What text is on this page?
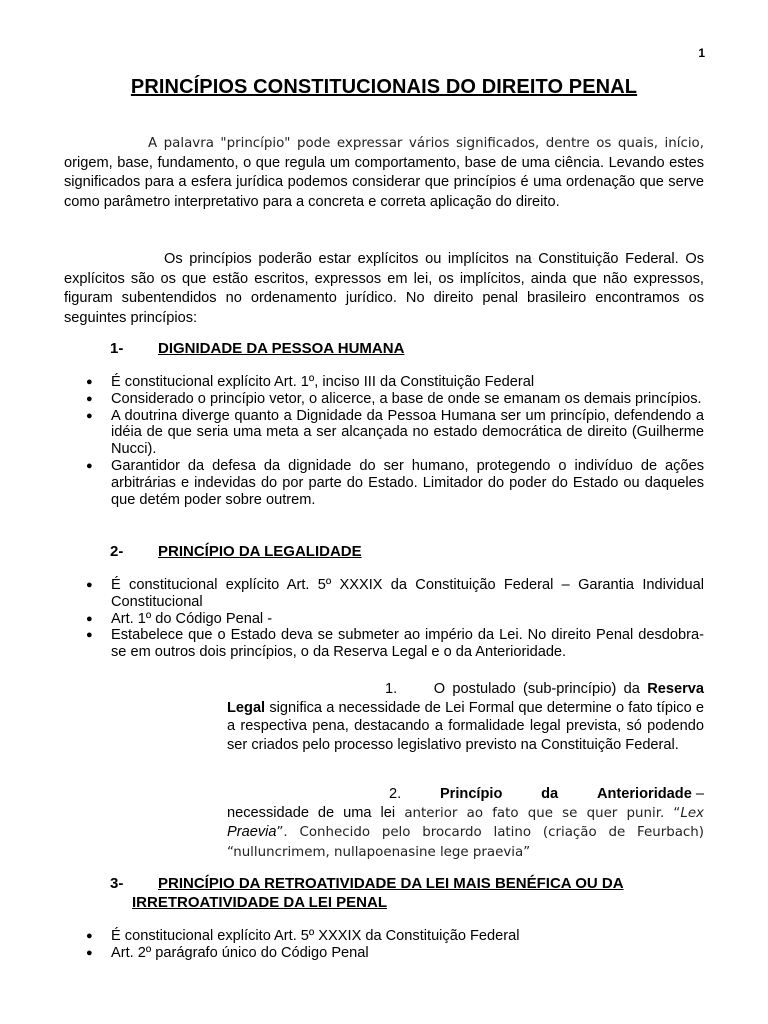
1
PRINCÍPIOS CONSTITUCIONAIS DO DIREITO PENAL
A palavra "princípio" pode expressar vários significados, dentre os quais, início, origem, base, fundamento, o que regula um comportamento, base de uma ciência. Levando estes significados para a esfera jurídica podemos considerar que princípios é uma ordenação que serve como parâmetro interpretativo para a concreta e correta aplicação do direito.
Os princípios poderão estar explícitos ou implícitos na Constituição Federal. Os explícitos são os que estão escritos, expressos em lei, os implícitos, ainda que não expressos, figuram subentendidos no ordenamento jurídico. No direito penal brasileiro encontramos os seguintes princípios:
1- DIGNIDADE DA PESSOA HUMANA
● É constitucional explícito Art. 1º, inciso III da Constituição Federal
● Considerado o princípio vetor, o alicerce, a base de onde se emanam os demais princípios.
● A doutrina diverge quanto a Dignidade da Pessoa Humana ser um princípio, defendendo a idéia de que seria uma meta a ser alcançada no estado democrática de direito (Guilherme Nucci).
● Garantidor da defesa da dignidade do ser humano, protegendo o indivíduo de ações arbitrárias e indevidas do por parte do Estado. Limitador do poder do Estado ou daqueles que detém poder sobre outrem.
2- PRINCÍPIO DA LEGALIDADE
● É constitucional explícito Art. 5º XXXIX da Constituição Federal – Garantia Individual Constitucional
● Art. 1º do Código Penal -
● Estabelece que o Estado deva se submeter ao império da Lei. No direito Penal desdobra-se em outros dois princípios, o da Reserva Legal e o da Anterioridade.
1.	O postulado (sub-princípio) da Reserva
Legal significa a necessidade de Lei Formal que determine o fato típico e a respectiva pena, destacando a formalidade legal prevista, só podendo ser criados pelo processo legislativo previsto na Constituição Federal.
2.	Princípio	da	Anterioridade –
necessidade de uma lei anterior ao fato que se quer punir. “Lex Praevia”. Conhecido pelo brocardo latino (criação de Feurbach) “nulluncrimem, nullapoenasine lege praevia”
3- PRINCÍPIO DA RETROATIVIDADE DA LEI MAIS BENÉFICA OU DA
IRRETROATIVIDADE DA LEI PENAL
● É constitucional explícito Art. 5º XXXIX da Constituição Federal
● Art. 2º parágrafo único do Código Penal
